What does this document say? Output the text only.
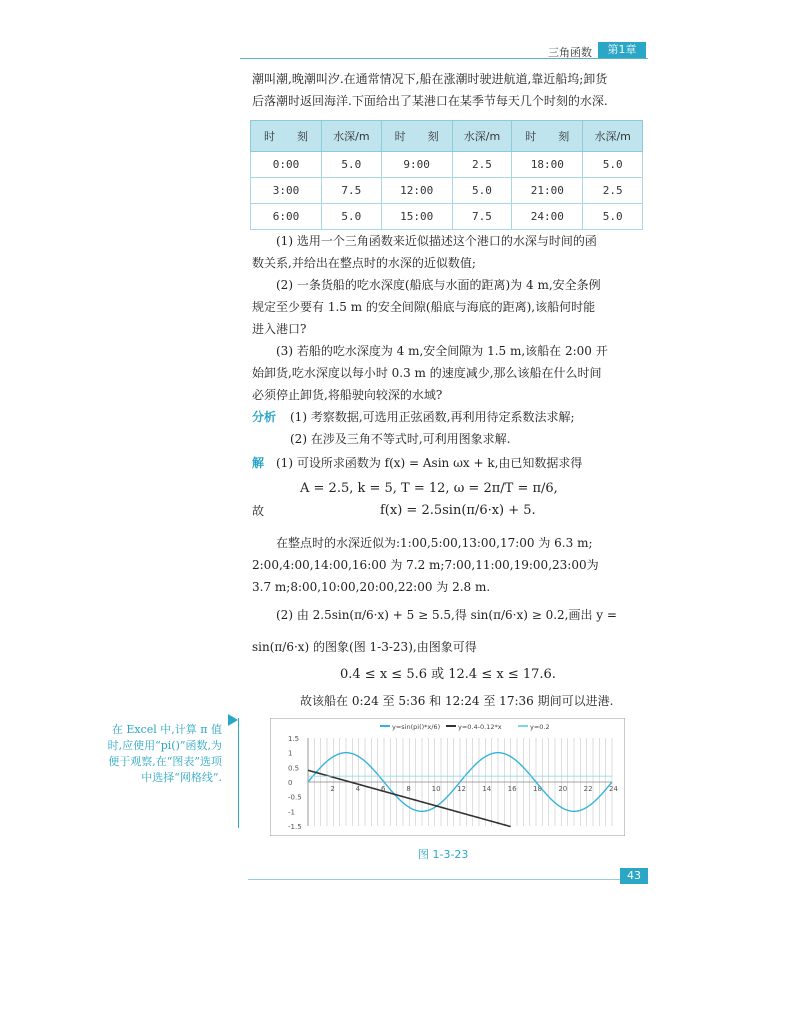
三角函数	第1章
潮叫潮,晚潮叫汐.在通常情况下,船在涨潮时驶进航道,靠近船坞;卸货
后落潮时返回海洋.下面给出了某港口在某季节每天几个时刻的水深.
时　　刻	水深/m	时　　刻	水深/m	时　　刻	水深/m
0:00	5.0	9:00	2.5	18:00	5.0
3:00	7.5	12:00	5.0	21:00	2.5
6:00	5.0	15:00	7.5	24:00	5.0
(1) 选用一个三角函数来近似描述这个港口的水深与时间的函
数关系,并给出在整点时的水深的近似数值;
(2) 一条货船的吃水深度(船底与水面的距离)为 4 m,安全条例
规定至少要有 1.5 m 的安全间隙(船底与海底的距离),该船何时能
进入港口?
(3) 若船的吃水深度为 4 m,安全间隙为 1.5 m,该船在 2:00 开
始卸货,吃水深度以每小时 0.3 m 的速度减少,那么该船在什么时间
必须停止卸货,将船驶向较深的水域?
分析 (1) 考察数据,可选用正弦函数,再利用待定系数法求解;
(2) 在涉及三角不等式时,可利用图象求解.
解 (1) 可设所求函数为 f(x) = Asin ωx + k,由已知数据求得
A = 2.5, k = 5, T = 12, ω = 2π/T = π/6,
故	f(x) = 2.5sin(π/6·x) + 5.
在整点时的水深近似为:1:00,5:00,13:00,17:00 为 6.3 m;
2:00,4:00,14:00,16:00 为 7.2 m;7:00,11:00,19:00,23:00为
3.7 m;8:00,10:00,20:00,22:00 为 2.8 m.
(2) 由 2.5sin(π/6·x) + 5 ≥ 5.5,得 sin(π/6·x) ≥ 0.2,画出 y =
sin(π/6·x) 的图象(图 1-3-23),由图象可得
0.4 ≤ x ≤ 5.6 或 12.4 ≤ x ≤ 17.6.
故该船在 0:24 至 5:36 和 12:24 至 17:36 期间可以进港.
在 Excel 中,计算 π 值时,应使用“pi()”函数,为便于观察,在“图表”选项中选择“网格线”.
1.5
1
0.5
0
-0.5
-1
-1.5
2	4	6	8	10 12 14 16 18 20 22 24
y=sin(pi()*x/6)	y=0.4-0.12*x	y=0.2
图 1-3-23
43
